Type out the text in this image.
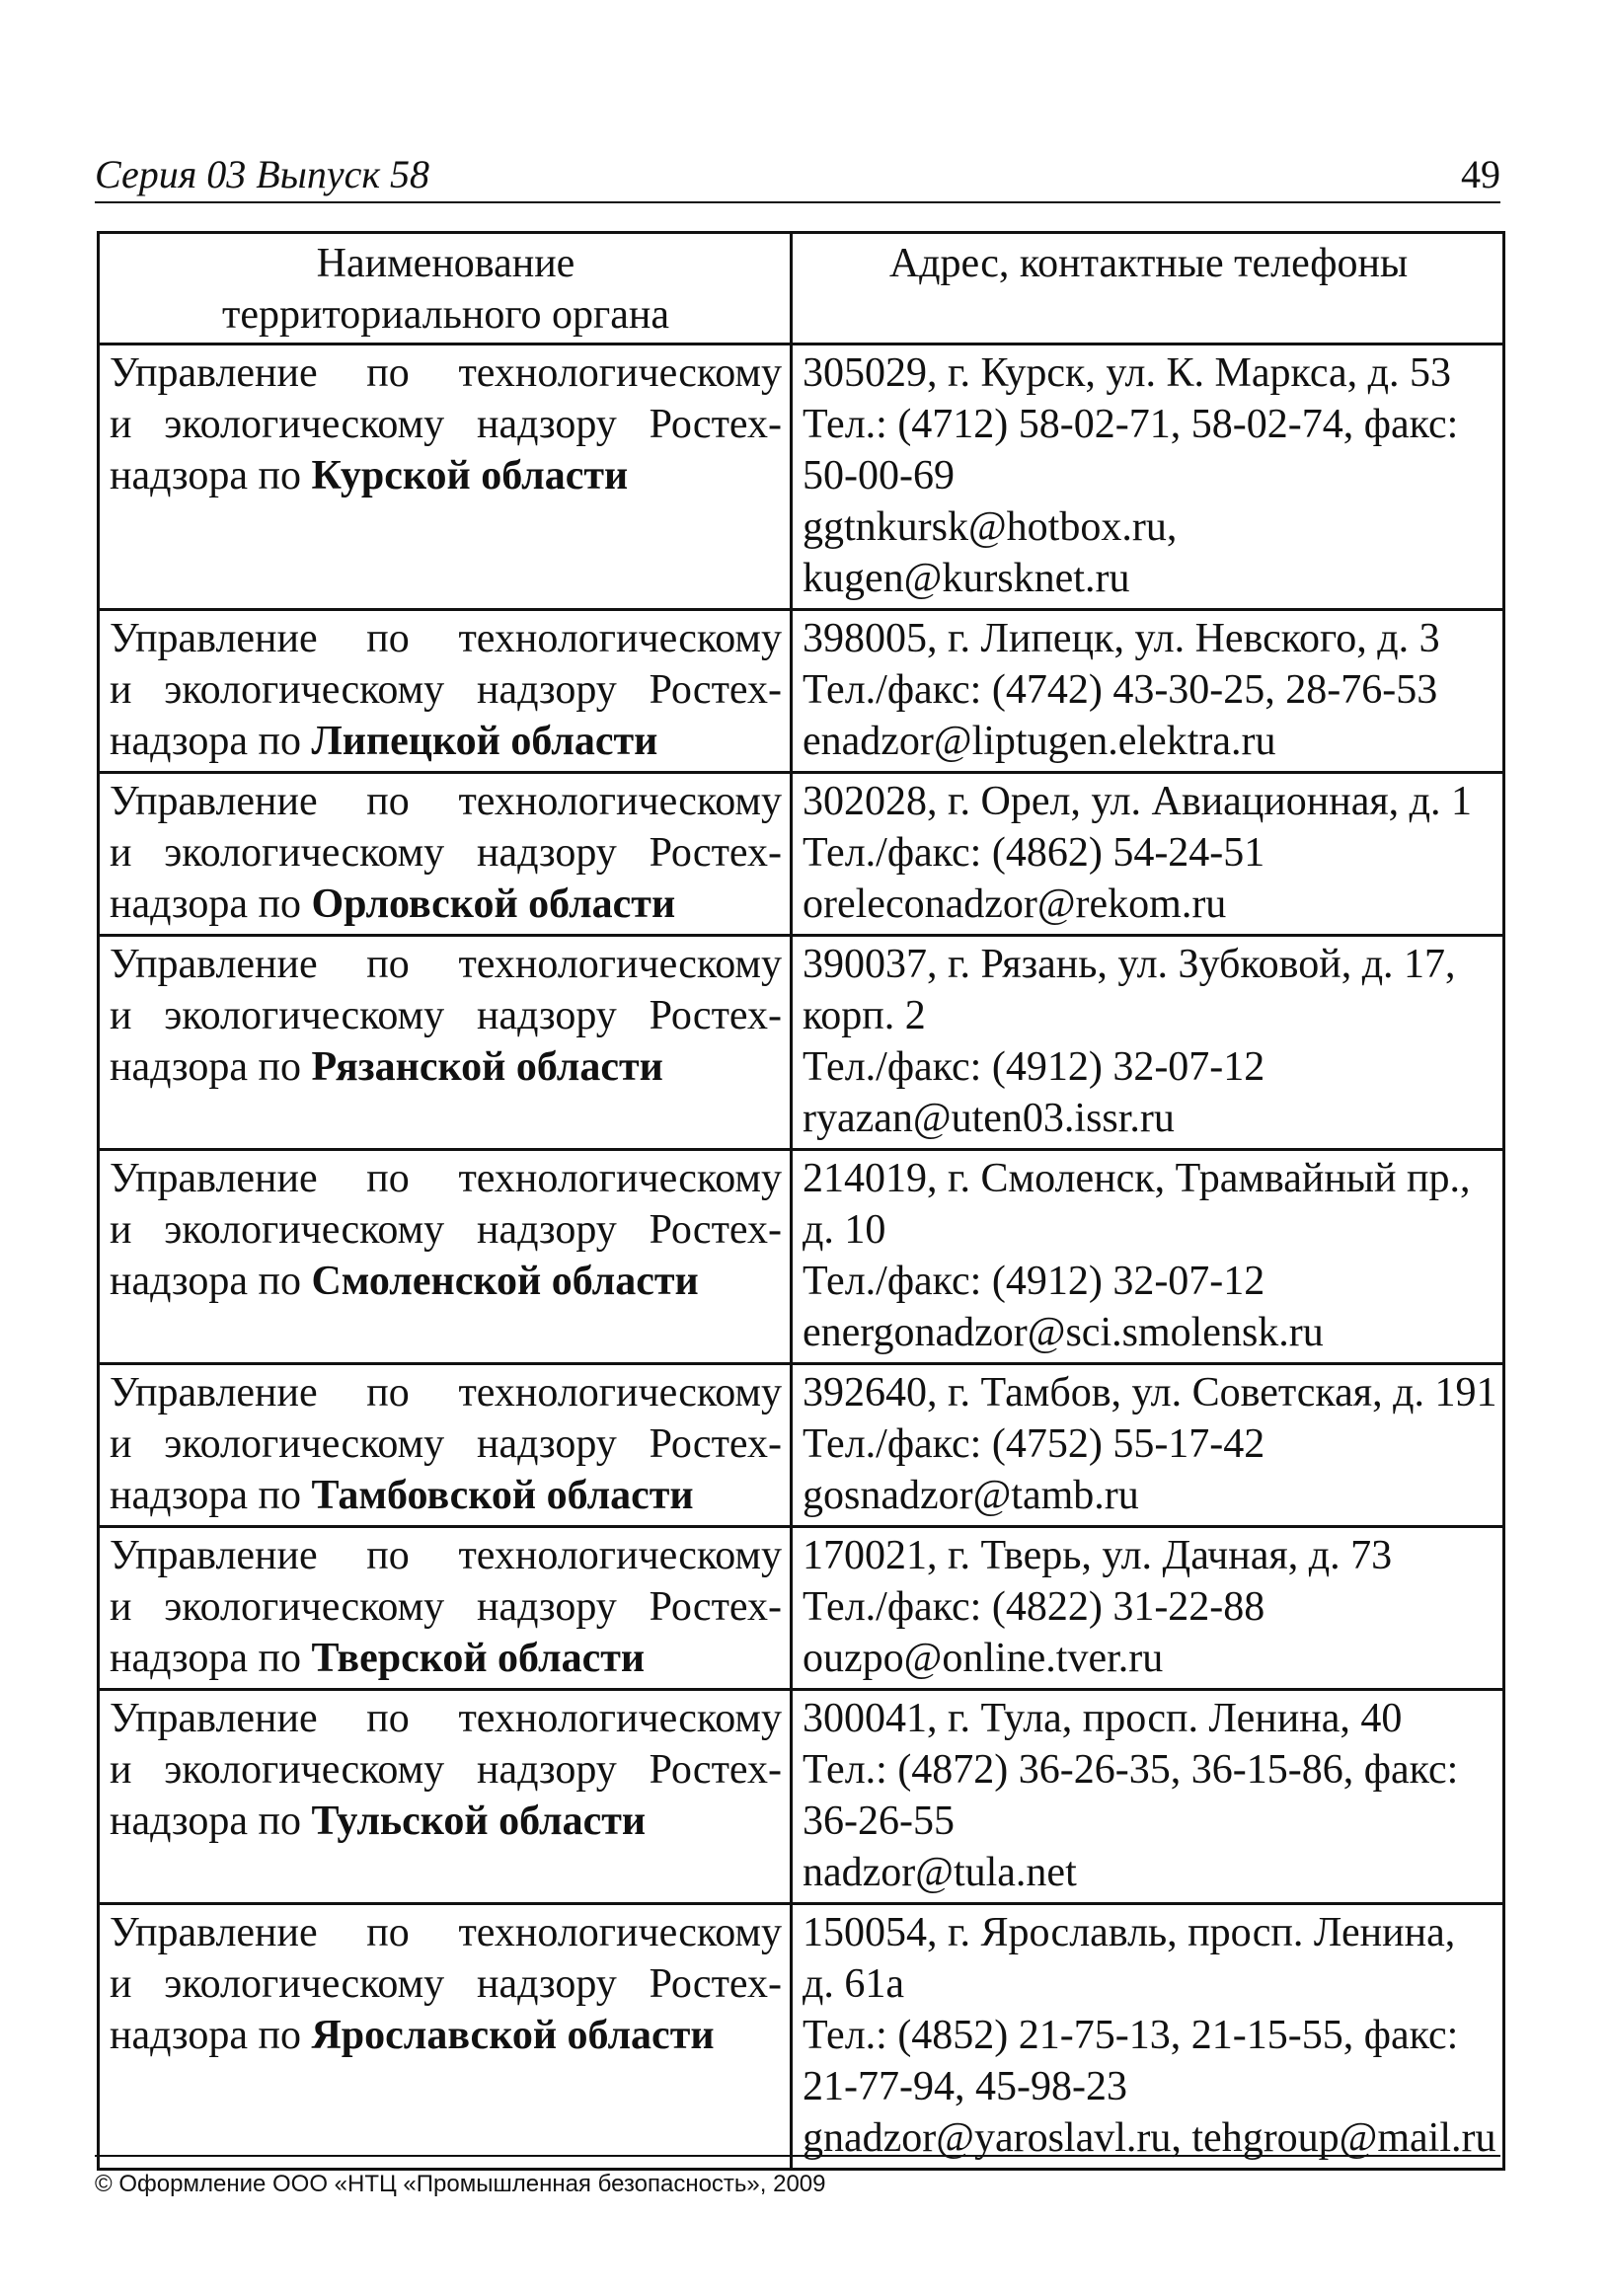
Серия 03 Выпуск 58	49
Наименование
территориального органа	Адрес, контактные телефоны

Управление по технологическому
и экологическому надзору Ростех-
надзора по Курской области	305029, г. Курск, ул. К. Маркса, д. 53
Тел.: (4712) 58-02-71, 58-02-74, факс:
50-00-69
ggtnkursk@hotbox.ru,
kugen@kursknet.ru

Управление по технологическому
и экологическому надзору Ростех-
надзора по Липецкой области	398005, г. Липецк, ул. Невского, д. 3
Тел./факс: (4742) 43-30-25, 28-76-53
enadzor@liptugen.elektra.ru

Управление по технологическому
и экологическому надзору Ростех-
надзора по Орловской области	302028, г. Орел, ул. Авиационная, д. 1
Тел./факс: (4862) 54-24-51
oreleconadzor@rekom.ru

Управление по технологическому
и экологическому надзору Ростех-
надзора по Рязанской области	390037, г. Рязань, ул. Зубковой, д. 17,
корп. 2
Тел./факс: (4912) 32-07-12
ryazan@uten03.issr.ru

Управление по технологическому
и экологическому надзору Ростех-
надзора по Смоленской области	214019, г. Смоленск, Трамвайный пр.,
д. 10
Тел./факс: (4912) 32-07-12
energonadzor@sci.smolensk.ru

Управление по технологическому
и экологическому надзору Ростех-
надзора по Тамбовской области	392640, г. Тамбов, ул. Советская, д. 191
Тел./факс: (4752) 55-17-42
gosnadzor@tamb.ru

Управление по технологическому
и экологическому надзору Ростех-
надзора по Тверской области	170021, г. Тверь, ул. Дачная, д. 73
Тел./факс: (4822) 31-22-88
ouzpo@online.tver.ru

Управление по технологическому
и экологическому надзору Ростех-
надзора по Тульской области	300041, г. Тула, просп. Ленина, 40
Тел.: (4872) 36-26-35, 36-15-86, факс:
36-26-55
nadzor@tula.net

Управление по технологическому
и экологическому надзору Ростех-
надзора по Ярославской области	150054, г. Ярославль, просп. Ленина,
д. 61а
Тел.: (4852) 21-75-13, 21-15-55, факс:
21-77-94, 45-98-23
gnadzor@yaroslavl.ru, tehgroup@mail.ru
© Оформление ООО «НТЦ «Промышленная безопасность», 2009
